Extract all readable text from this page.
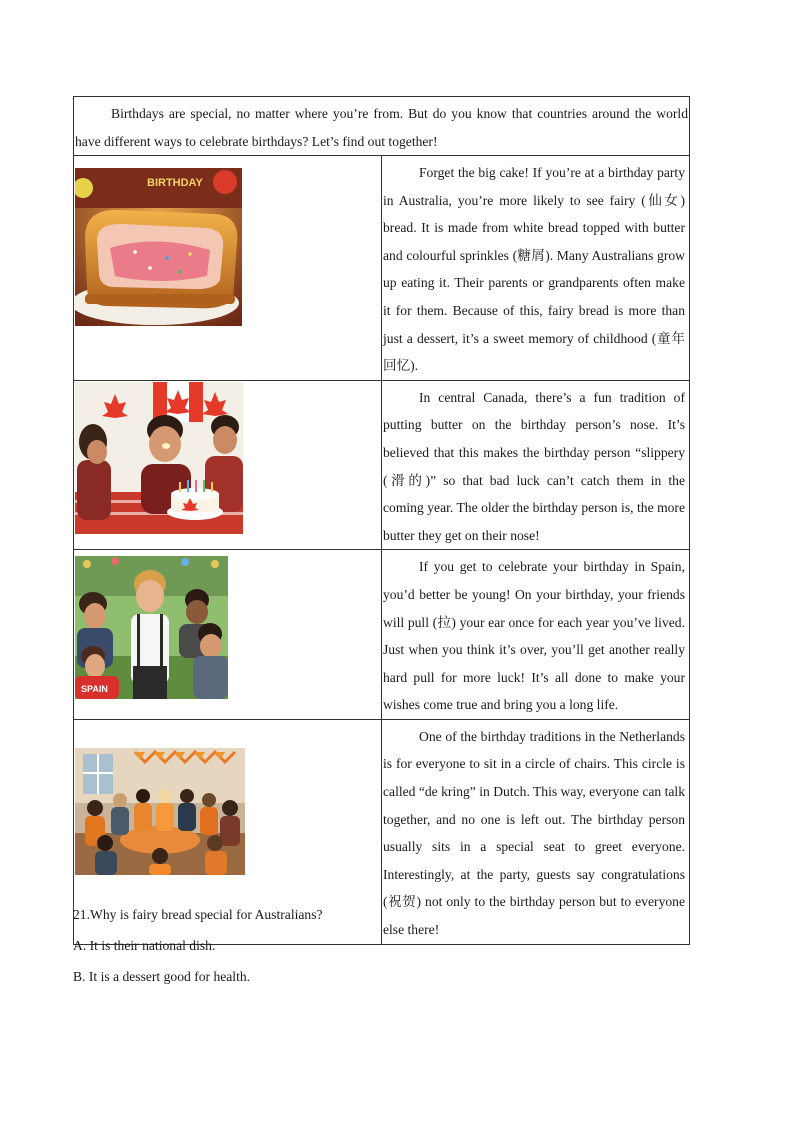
Birthdays are special, no matter where you’re from. But do you know that countries around the world have different ways to celebrate birthdays? Let’s find out together!	

BIRTHDAY	Forget the big cake! If you’re at a birthday party in Australia, you’re more likely to see fairy (仙女) bread. It is made from white bread topped with butter and colourful sprinkles (糖屑). Many Australians grow up eating it. Their parents or grandparents often make it for them. Because of this, fairy bread is more than just a dessert, it’s a sweet memory of childhood (童年回忆).

In central Canada, there’s a fun tradition of putting butter on the birthday person’s nose. It’s believed that this makes the birthday person “slippery (滑的)” so that bad luck can’t catch them in the coming year. The older the birthday person is, the more butter they get on their nose!

SPAIN	If you get to celebrate your birthday in Spain, you’d better be young! On your birthday, your friends will pull (拉) your ear once for each year you’ve lived. Just when you think it’s over, you’ll get another really hard pull for more luck! It’s all done to make your wishes come true and bring you a long life.

One of the birthday traditions in the Netherlands is for everyone to sit in a circle of chairs. This circle is called “de kring” in Dutch. This way, everyone can talk together, and no one is left out. The birthday person usually sits in a special seat to greet everyone. Interestingly, at the party, guests say congratulations (祝贺) not only to the birthday person but to everyone else there!

21.Why is fairy bread special for Australians?

A. It is their national dish.

B. It is a dessert good for health.
